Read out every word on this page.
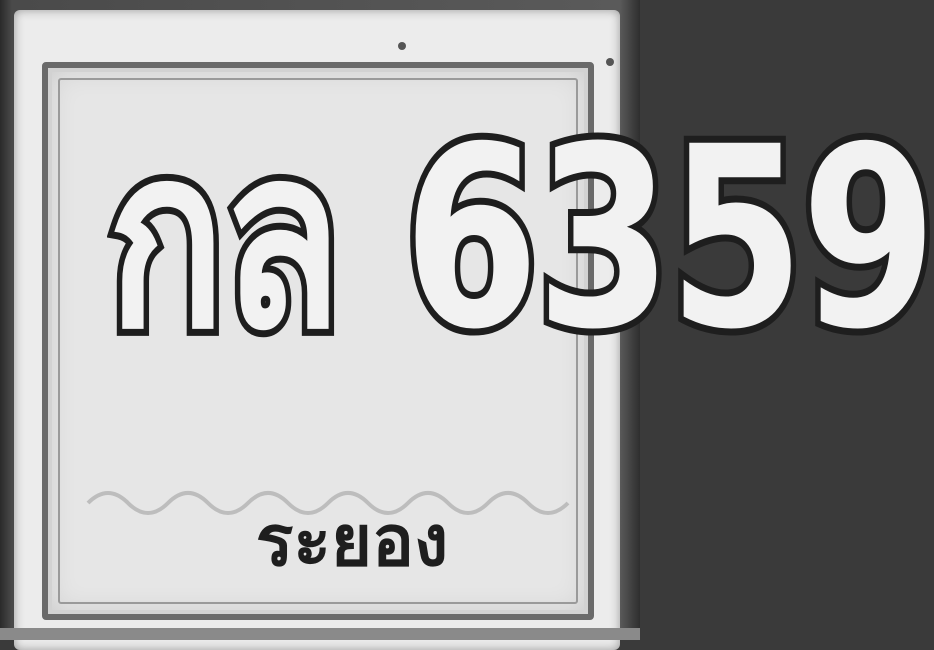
กล 6359
ระยอง
